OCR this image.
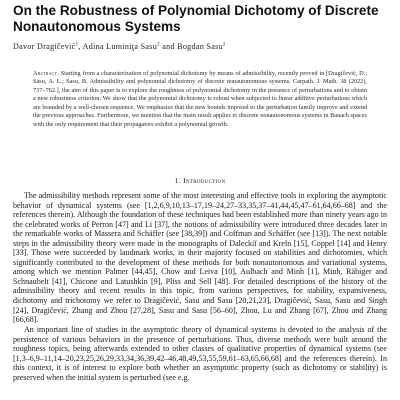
On the Robustness of Polynomial Dichotomy of Discrete Nonautonomous Systems
Davor Dragičević$^1$, Adina Luminiţa Sasu$^2$ and Bogdan Sasu$^2$
Abstract. Starting from a characterization of polynomial dichotomy by means of admissibility, recently proved in [Dragičević, D.; Sasu, A. L.; Sasu, B. Admissibility and polynomial dichotomy of discrete nonautonomous systems. Carpath. J. Math. 38 (2022), 737–762.], the aim of this paper is to explore the roughness of polynomial dichotomy in the presence of perturbations and to obtain a new robustness criterion. We show that the polynomial dichotomy is robust when subjected to linear additive perturbations which are bounded by a well-chosen sequence. We emphasize that the new bounds imposed to the perturbation family improve and extend the previous approaches. Furthermore, we mention that the main result applies to discrete nonautonomous systems in Banach spaces with the only requirement that their propagators exhibit a polynomial growth.
1. Introduction

The admissibility methods represent some of the most interesting and effective tools in exploring the asymptotic behavior of dynamical systems (see [1,2,6,9,10,13–17,19–24,27–33,35,37–41,44,45,47–61,64,66–68] and the references therein). Although the foundation of these techniques had been established more than ninety years ago in the celebrated works of Perron [47] and Li [37], the notions of admissibility were introduced three decades later in the remarkable works of Massera and Schäffer (see [38,39]) and Coffman and Schäffer (see [13]). The next notable steps in the admissibility theory were made in the monographs of Daleckiĭ and Kreĭn [15], Coppel [14] and Henry [33]. Those were succeeded by landmark works, in their majority focused on stabilities and dichotomies, which significantly contributed to the development of these methods for both nonautonomous and variational systems, among which we mention Palmer [44,45], Chow and Leiva [10], Aulbach and Minh [1], Minh, Räbiger and Schnaubelt [41], Chicone and Latushkin [9], Pliss and Sell [48]. For detailed descriptions of the history of the admissibility theory and recent results in this topic, from various perspectives, for stability, expansiveness, dichotomy and trichotomy we refer to Dragičević, Sasu and Sasu [20,21,23], Dragičević, Sasu, Sasu and Singh [24], Dragičević, Zhang and Zhou [27,28], Sasu and Sasu [56–60], Zhou, Lu and Zhang [67], Zhou and Zhang [66,68].

An important line of studies in the asymptotic theory of dynamical systems is devoted to the analysis of the persistence of various behaviors in the presence of perturbations. Thus, diverse methods were built around the roughness topics, being afterwards extended to other classes of qualitative properties of dynamical systems (see [1,3–6,9–11,14–20,23,25,26,29,33,34,36,39,42–46,48,49,53,55,59,61–63,65,66,68] and the references therein). In this context, it is of interest to explore both whether an asymptotic property (such as dichotomy or stability) is preserved when the initial system is perturbed (see e.g.
